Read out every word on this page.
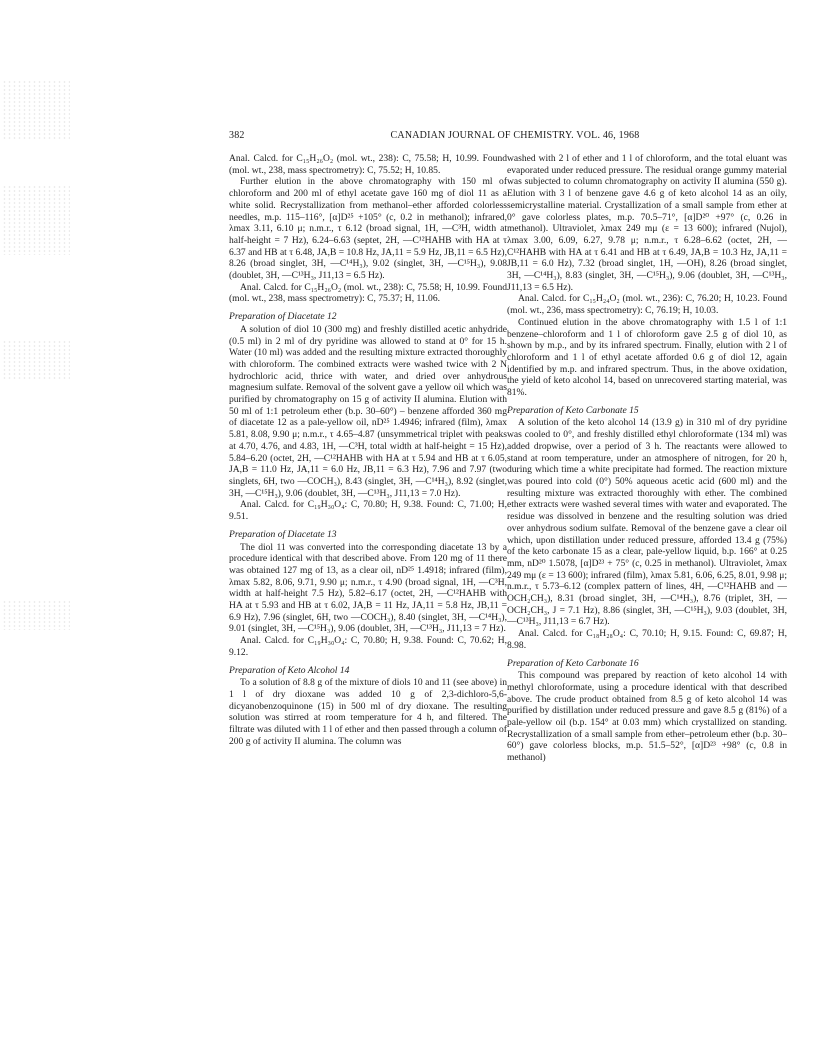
382	CANADIAN JOURNAL OF CHEMISTRY. VOL. 46, 1968

Anal. Calcd. for C₁₅H₂₆O₂ (mol. wt., 238): C, 75.58; H, 10.99. Found (mol. wt., 238, mass spectrometry): C, 75.52; H, 10.85.

Further elution in the above chromatography with 150 ml of chloroform and 200 ml of ethyl acetate gave 160 mg of diol 11 as a white solid. Recrystallization from methanol–ether afforded colorless needles, m.p. 115–116°, [α]D²⁵ +105° (c, 0.2 in methanol); infrared, λmax 3.11, 6.10 μ; n.m.r., τ 6.12 (broad signal, 1H, —C³H, width at half-height = 7 Hz), 6.24–6.63 (septet, 2H, —C¹²HAHB with HA at τ 6.37 and HB at τ 6.48, JA,B = 10.8 Hz, JA,11 = 5.9 Hz, JB,11 = 6.5 Hz), 8.26 (broad singlet, 3H, —C¹⁴H₃), 9.02 (singlet, 3H, —C¹⁵H₃), 9.08 (doublet, 3H, —C¹³H₃, J11,13 = 6.5 Hz).

Anal. Calcd. for C₁₅H₂₆O₂ (mol. wt., 238): C, 75.58; H, 10.99. Found (mol. wt., 238, mass spectrometry): C, 75.37; H, 11.06.

Preparation of Diacetate 12

A solution of diol 10 (300 mg) and freshly distilled acetic anhydride (0.5 ml) in 2 ml of dry pyridine was allowed to stand at 0° for 15 h. Water (10 ml) was added and the resulting mixture extracted thoroughly with chloroform. The combined extracts were washed twice with 2 N hydrochloric acid, thrice with water, and dried over anhydrous magnesium sulfate. Removal of the solvent gave a yellow oil which was purified by chromatography on 15 g of activity II alumina. Elution with 50 ml of 1:1 petroleum ether (b.p. 30–60°) – benzene afforded 360 mg of diacetate 12 as a pale-yellow oil, nD²⁵ 1.4946; infrared (film), λmax 5.81, 8.08, 9.90 μ; n.m.r., τ 4.65–4.87 (unsymmetrical triplet with peaks at 4.70, 4.76, and 4.83, 1H, —C³H, total width at half-height = 15 Hz), 5.84–6.20 (octet, 2H, —C¹²HAHB with HA at τ 5.94 and HB at τ 6.05, JA,B = 11.0 Hz, JA,11 = 6.0 Hz, JB,11 = 6.3 Hz), 7.96 and 7.97 (two singlets, 6H, two —COCH₃), 8.43 (singlet, 3H, —C¹⁴H₃), 8.92 (singlet, 3H, —C¹⁵H₃), 9.06 (doublet, 3H, —C¹³H₃, J11,13 = 7.0 Hz).

Anal. Calcd. for C₁₉H₃₀O₄: C, 70.80; H, 9.38. Found: C, 71.00; H, 9.51.

Preparation of Diacetate 13

The diol 11 was converted into the corresponding diacetate 13 by a procedure identical with that described above. From 120 mg of 11 there was obtained 127 mg of 13, as a clear oil, nD²⁵ 1.4918; infrared (film), λmax 5.82, 8.06, 9.71, 9.90 μ; n.m.r., τ 4.90 (broad signal, 1H, —C³H, width at half-height 7.5 Hz), 5.82–6.17 (octet, 2H, —C¹²HAHB with HA at τ 5.93 and HB at τ 6.02, JA,B = 11 Hz, JA,11 = 5.8 Hz, JB,11 = 6.9 Hz), 7.96 (singlet, 6H, two —COCH₃), 8.40 (singlet, 3H, —C¹⁴H₃), 9.01 (singlet, 3H, —C¹⁵H₃), 9.06 (doublet, 3H, —C¹³H₃, J11,13 = 7 Hz).

Anal. Calcd. for C₁₉H₃₀O₄: C, 70.80; H, 9.38. Found: C, 70.62; H, 9.12.

Preparation of Keto Alcohol 14

To a solution of 8.8 g of the mixture of diols 10 and 11 (see above) in 1 l of dry dioxane was added 10 g of 2,3-dichloro-5,6-dicyanobenzoquinone (15) in 500 ml of dry dioxane. The resulting solution was stirred at room temperature for 4 h, and filtered. The filtrate was diluted with 1 l of ether and then passed through a column of 200 g of activity II alumina. The column was

washed with 2 l of ether and 1 l of chloroform, and the total eluant was evaporated under reduced pressure. The residual orange gummy material was subjected to column chromatography on activity II alumina (550 g). Elution with 3 l of benzene gave 4.6 g of keto alcohol 14 as an oily, semicrystalline material. Crystallization of a small sample from ether at 0° gave colorless plates, m.p. 70.5–71°, [α]D²⁰ +97° (c, 0.26 in methanol). Ultraviolet, λmax 249 mμ (ε = 13 600); infrared (Nujol), λmax 3.00, 6.09, 6.27, 9.78 μ; n.m.r., τ 6.28–6.62 (octet, 2H, —C¹²HAHB with HA at τ 6.41 and HB at τ 6.49, JA,B = 10.3 Hz, JA,11 = JB,11 = 6.0 Hz), 7.32 (broad singlet, 1H, —OH), 8.26 (broad singlet, 3H, —C¹⁴H₃), 8.83 (singlet, 3H, —C¹⁵H₃), 9.06 (doublet, 3H, —C¹³H₃, J11,13 = 6.5 Hz).

Anal. Calcd. for C₁₅H₂₄O₂ (mol. wt., 236): C, 76.20; H, 10.23. Found (mol. wt., 236, mass spectrometry): C, 76.19; H, 10.03.

Continued elution in the above chromatography with 1.5 l of 1:1 benzene–chloroform and 1 l of chloroform gave 2.5 g of diol 10, as shown by m.p., and by its infrared spectrum. Finally, elution with 2 l of chloroform and 1 l of ethyl acetate afforded 0.6 g of diol 12, again identified by m.p. and infrared spectrum. Thus, in the above oxidation, the yield of keto alcohol 14, based on unrecovered starting material, was 81%.

Preparation of Keto Carbonate 15

A solution of the keto alcohol 14 (13.9 g) in 310 ml of dry pyridine was cooled to 0°, and freshly distilled ethyl chloroformate (134 ml) was added dropwise, over a period of 3 h. The reactants were allowed to stand at room temperature, under an atmosphere of nitrogen, for 20 h, during which time a white precipitate had formed. The reaction mixture was poured into cold (0°) 50% aqueous acetic acid (600 ml) and the resulting mixture was extracted thoroughly with ether. The combined ether extracts were washed several times with water and evaporated. The residue was dissolved in benzene and the resulting solution was dried over anhydrous sodium sulfate. Removal of the benzene gave a clear oil which, upon distillation under reduced pressure, afforded 13.4 g (75%) of the keto carbonate 15 as a clear, pale-yellow liquid, b.p. 166° at 0.25 mm, nD²⁰ 1.5078, [α]D²³ + 75° (c, 0.25 in methanol). Ultraviolet, λmax 249 mμ (ε = 13 600); infrared (film), λmax 5.81, 6.06, 6.25, 8.01, 9.98 μ; n.m.r., τ 5.73–6.12 (complex pattern of lines, 4H, —C¹²HAHB and —OCH₂CH₃), 8.31 (broad singlet, 3H, —C¹⁴H₃), 8.76 (triplet, 3H, —OCH₂CH₃, J = 7.1 Hz), 8.86 (singlet, 3H, —C¹⁵H₃), 9.03 (doublet, 3H, —C¹³H₃, J11,13 = 6.7 Hz).

Anal. Calcd. for C₁₈H₂₈O₄: C, 70.10; H, 9.15. Found: C, 69.87; H, 8.98.

Preparation of Keto Carbonate 16

This compound was prepared by reaction of keto alcohol 14 with methyl chloroformate, using a procedure identical with that described above. The crude product obtained from 8.5 g of keto alcohol 14 was purified by distillation under reduced pressure and gave 8.5 g (81%) of a pale-yellow oil (b.p. 154° at 0.03 mm) which crystallized on standing. Recrystallization of a small sample from ether–petroleum ether (b.p. 30–60°) gave colorless blocks, m.p. 51.5–52°, [α]D²³ +98° (c, 0.8 in methanol)
